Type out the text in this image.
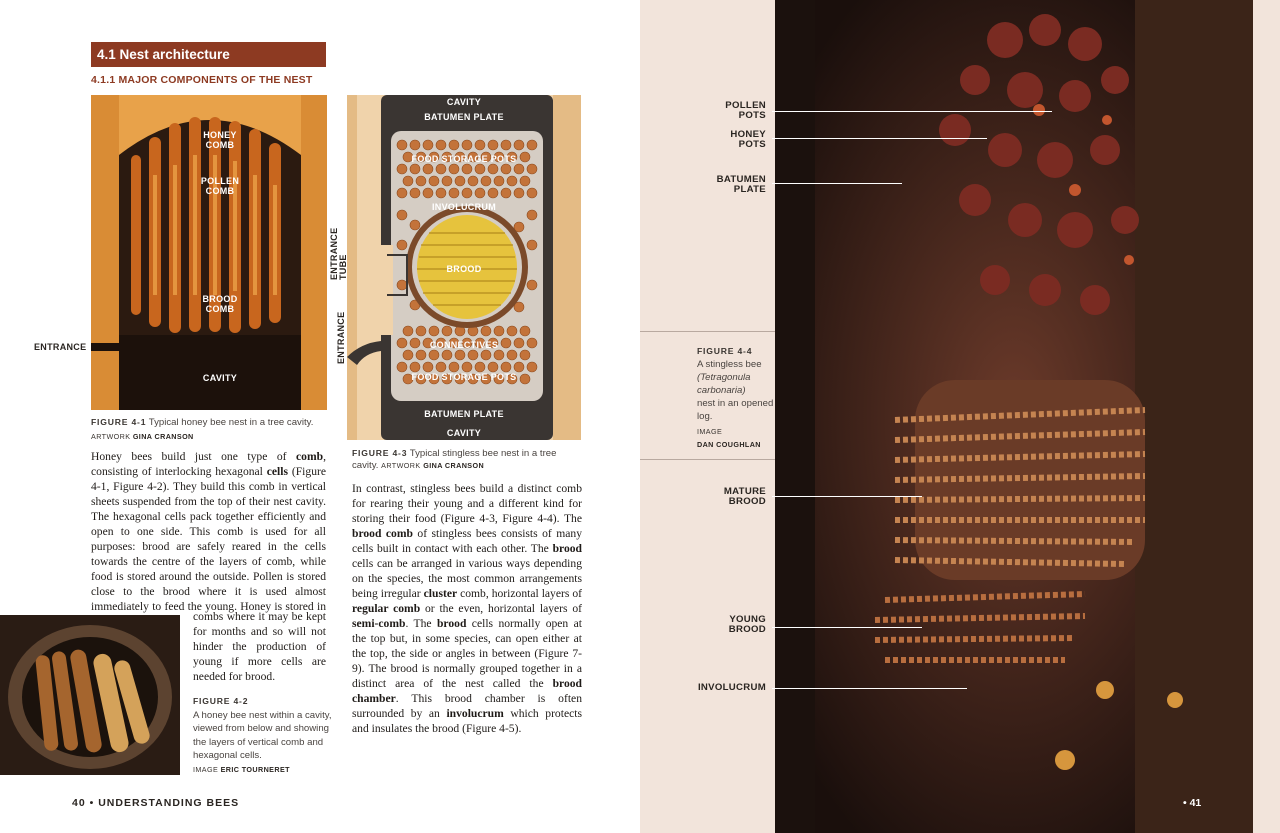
4.1 Nest architecture
4.1.1 MAJOR COMPONENTS OF THE NEST
HONEY COMB
POLLEN COMB
BROOD COMB
CAVITY
ENTRANCE
FIGURE 4-1 Typical honey bee nest in a tree cavity.
ARTWORK GINA CRANSON
CAVITY
BATUMEN PLATE
FOOD STORAGE POTS
INVOLUCRUM
BROOD
CONNECTIVES
FOOD STORAGE POTS
BATUMEN PLATE
CAVITY
ENTRANCE TUBE
ENTRANCE
FIGURE 4-3 Typical stingless bee nest in a tree cavity. ARTWORK GINA CRANSON
Honey bees build just one type of comb, consisting of interlocking hexagonal cells (Figure 4-1, Figure 4-2). They build this comb in vertical sheets suspended from the top of their nest cavity. The hexagonal cells pack together efficiently and open to one side. This comb is used for all purposes: brood are safely reared in the cells towards the centre of the layers of comb, while food is stored around the outside. Pollen is stored close to the brood where it is used almost immediately to feed the young. Honey is stored in
combs where it may be kept for months and so will not hinder the production of young if more cells are needed for brood.
FIGURE 4-2
A honey bee nest within a cavity, viewed from below and showing the layers of vertical comb and hexagonal cells.
IMAGE ERIC TOURNERET
In contrast, stingless bees build a distinct comb for rearing their young and a different kind for storing their food (Figure 4-3, Figure 4-4). The brood comb of stingless bees consists of many cells built in contact with each other. The brood cells can be arranged in various ways depending on the species, the most common arrangements being irregular cluster comb, horizontal layers of regular comb or the even, horizontal layers of semi-comb. The brood cells normally open at the top but, in some species, can open either at the top, the side or angles in between (Figure 7-9). The brood is normally grouped together in a distinct area of the nest called the brood chamber. This brood chamber is often surrounded by an involucrum which protects and insulates the brood (Figure 4-5).
40 • UNDERSTANDING BEES
POLLEN POTS
HONEY POTS
BATUMEN PLATE
FIGURE 4-4
A stingless bee
(Tetragonula carbonaria)
nest in an opened log.
IMAGE
DAN COUGHLAN
MATURE BROOD
YOUNG BROOD
INVOLUCRUM
• 41
